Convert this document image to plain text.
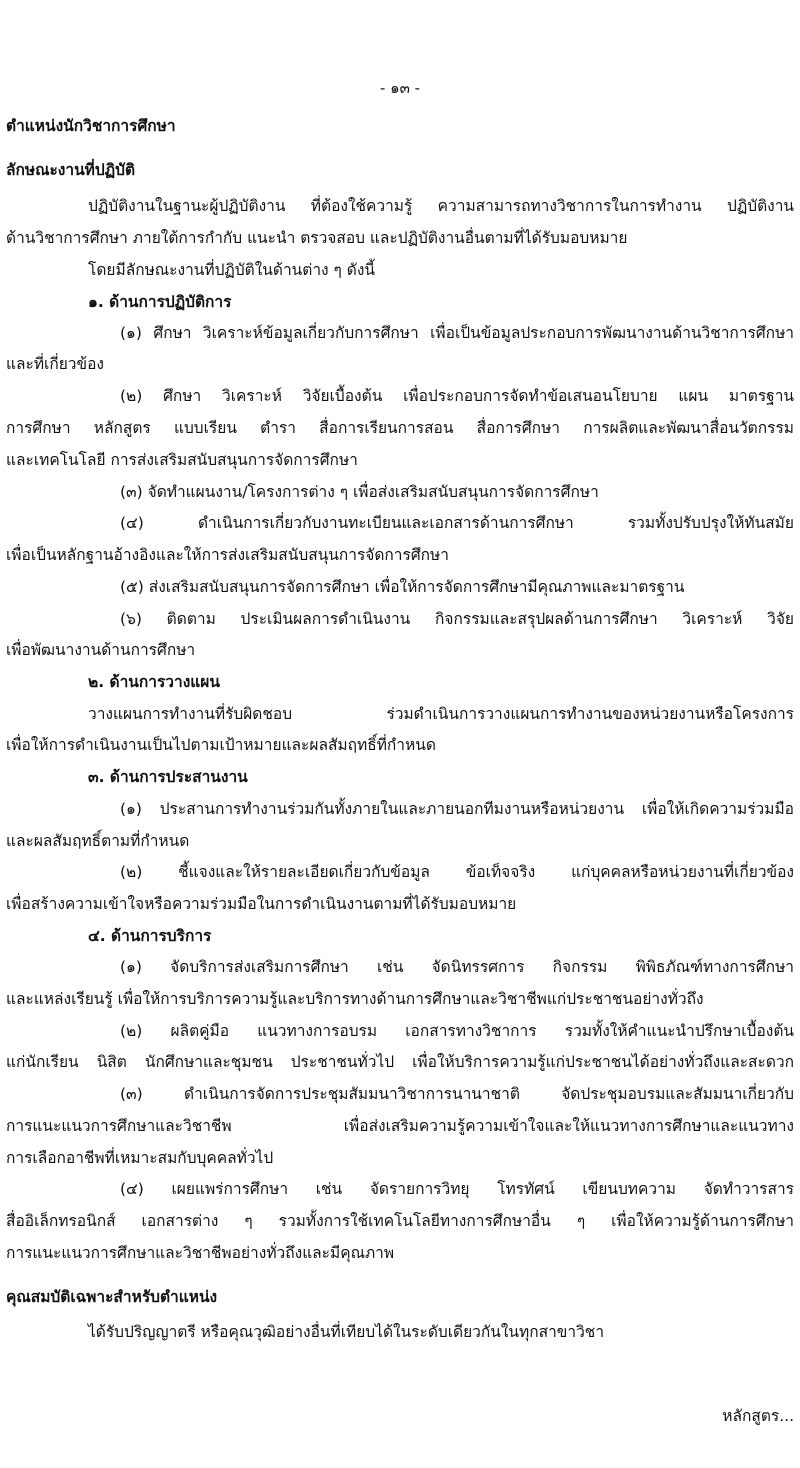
- ๑๓ -
ตำแหน่งนักวิชาการศึกษา
ลักษณะงานที่ปฏิบัติ
ปฏิบัติงานในฐานะผู้ปฏิบัติงาน ที่ต้องใช้ความรู้ ความสามารถทางวิชาการในการทำงาน ปฏิบัติงาน
ด้านวิชาการศึกษา ภายใต้การกำกับ แนะนำ ตรวจสอบ และปฏิบัติงานอื่นตามที่ได้รับมอบหมาย
โดยมีลักษณะงานที่ปฏิบัติในด้านต่าง ๆ ดังนี้
๑. ด้านการปฏิบัติการ
(๑) ศึกษา วิเคราะห์ข้อมูลเกี่ยวกับการศึกษา เพื่อเป็นข้อมูลประกอบการพัฒนางานด้านวิชาการศึกษา
และที่เกี่ยวข้อง
(๒) ศึกษา วิเคราะห์ วิจัยเบื้องต้น เพื่อประกอบการจัดทำข้อเสนอนโยบาย แผน มาตรฐาน
การศึกษา หลักสูตร แบบเรียน ตำรา สื่อการเรียนการสอน สื่อการศึกษา การผลิตและพัฒนาสื่อนวัตกรรม
และเทคโนโลยี การส่งเสริมสนับสนุนการจัดการศึกษา
(๓) จัดทำแผนงาน/โครงการต่าง ๆ เพื่อส่งเสริมสนับสนุนการจัดการศึกษา
(๔) ดำเนินการเกี่ยวกับงานทะเบียนและเอกสารด้านการศึกษา รวมทั้งปรับปรุงให้ทันสมัย
เพื่อเป็นหลักฐานอ้างอิงและให้การส่งเสริมสนับสนุนการจัดการศึกษา
(๕) ส่งเสริมสนับสนุนการจัดการศึกษา เพื่อให้การจัดการศึกษามีคุณภาพและมาตรฐาน
(๖) ติดตาม ประเมินผลการดำเนินงาน กิจกรรมและสรุปผลด้านการศึกษา วิเคราะห์ วิจัย
เพื่อพัฒนางานด้านการศึกษา
๒. ด้านการวางแผน
วางแผนการทำงานที่รับผิดชอบ ร่วมดำเนินการวางแผนการทำงานของหน่วยงานหรือโครงการ
เพื่อให้การดำเนินงานเป็นไปตามเป้าหมายและผลสัมฤทธิ์ที่กำหนด
๓. ด้านการประสานงาน
(๑) ประสานการทำงานร่วมกันทั้งภายในและภายนอกทีมงานหรือหน่วยงาน เพื่อให้เกิดความร่วมมือ
และผลสัมฤทธิ์ตามที่กำหนด
(๒) ชี้แจงและให้รายละเอียดเกี่ยวกับข้อมูล ข้อเท็จจริง แก่บุคคลหรือหน่วยงานที่เกี่ยวข้อง
เพื่อสร้างความเข้าใจหรือความร่วมมือในการดำเนินงานตามที่ได้รับมอบหมาย
๔. ด้านการบริการ
(๑) จัดบริการส่งเสริมการศึกษา เช่น จัดนิทรรศการ กิจกรรม พิพิธภัณฑ์ทางการศึกษา
และแหล่งเรียนรู้ เพื่อให้การบริการความรู้และบริการทางด้านการศึกษาและวิชาชีพแก่ประชาชนอย่างทั่วถึง
(๒) ผลิตคู่มือ แนวทางการอบรม เอกสารทางวิชาการ รวมทั้งให้คำแนะนำปรึกษาเบื้องต้น
แก่นักเรียน นิสิต นักศึกษาและชุมชน ประชาชนทั่วไป เพื่อให้บริการความรู้แก่ประชาชนได้อย่างทั่วถึงและสะดวก
(๓) ดำเนินการจัดการประชุมสัมมนาวิชาการนานาชาติ จัดประชุมอบรมและสัมมนาเกี่ยวกับ
การแนะแนวการศึกษาและวิชาชีพ เพื่อส่งเสริมความรู้ความเข้าใจและให้แนวทางการศึกษาและแนวทาง
การเลือกอาชีพที่เหมาะสมกับบุคคลทั่วไป
(๔) เผยแพร่การศึกษา เช่น จัดรายการวิทยุ โทรทัศน์ เขียนบทความ จัดทำวารสาร
สื่ออิเล็กทรอนิกส์ เอกสารต่าง ๆ รวมทั้งการใช้เทคโนโลยีทางการศึกษาอื่น ๆ เพื่อให้ความรู้ด้านการศึกษา
การแนะแนวการศึกษาและวิชาชีพอย่างทั่วถึงและมีคุณภาพ
คุณสมบัติเฉพาะสำหรับตำแหน่ง
ได้รับปริญญาตรี หรือคุณวุฒิอย่างอื่นที่เทียบได้ในระดับเดียวกันในทุกสาขาวิชา
หลักสูตร...
